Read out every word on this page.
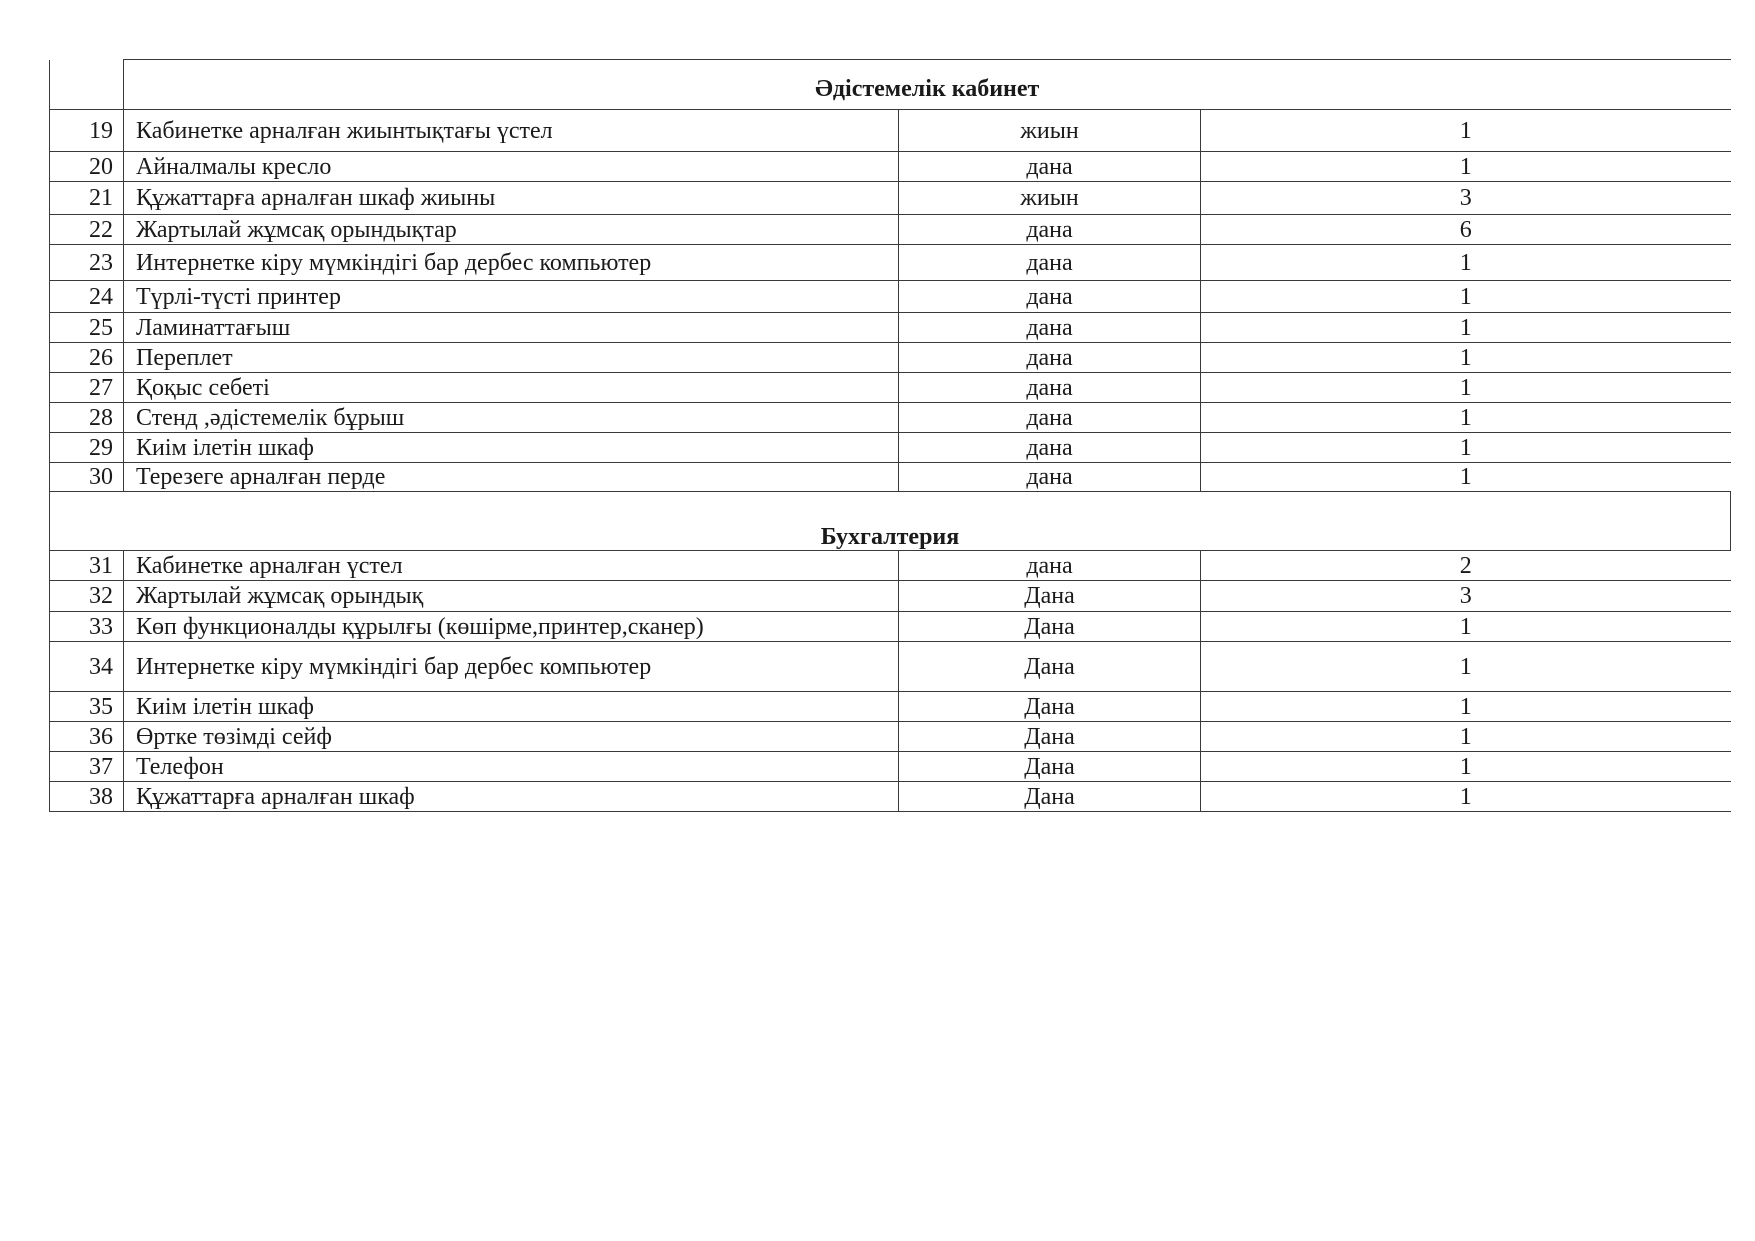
	Әдістемелік кабинет		
19	Кабинетке арналған жиынтықтағы үстел	жиын	1
20	Айналмалы кресло	дана	1
21	Құжаттарға арналған шкаф жиыны	жиын	3
22	Жартылай жұмсақ орындықтар	дана	6
23	Интернетке кіру мүмкіндігі бар дербес компьютер	дана	1
24	Түрлі-түсті принтер	дана	1
25	Ламинаттағыш	дана	1
26	Переплет	дана	1
27	Қоқыс себеті	дана	1
28	Стенд ,әдістемелік бұрыш	дана	1
29	Киім ілетін шкаф	дана	1
30	Терезеге арналған перде	дана	1
Бухгалтерия			
31	Кабинетке арналған үстел	дана	2
32	Жартылай жұмсақ орындық	Дана	3
33	Көп функционалды құрылғы (көшірме,принтер,сканер)	Дана	1
34	Интернетке кіру мүмкіндігі бар дербес компьютер	Дана	1
35	Киім ілетін шкаф	Дана	1
36	Өртке төзімді сейф	Дана	1
37	Телефон	Дана	1
38	Құжаттарға арналған шкаф	Дана	1
